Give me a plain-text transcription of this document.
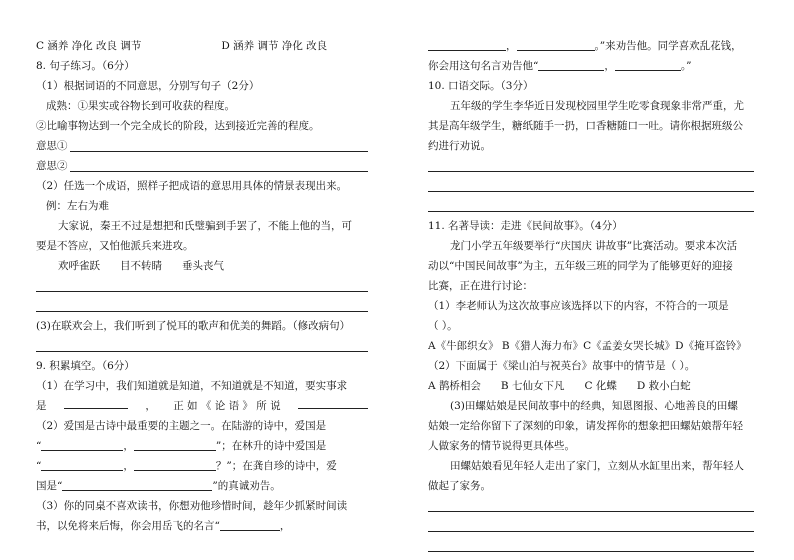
C 涵养 净化 改良 调节	D 涵养 调节 净化 改良
8. 句子练习。（6分）
（1）根据词语的不同意思，分别写句子（2分）
成熟：①果实或谷物长到可收获的程度。
②比喻事物达到一个完全成长的阶段，达到接近完善的程度。
意思①
意思②
（2）任选一个成语，照样子把成语的意思用具体的情景表现出来。
例：左右为难
大家说，秦王不过是想把和氏璧骗到手罢了，不能上他的当，可
要是不答应，又怕他派兵来进攻。
欢呼雀跃 目不转睛 垂头丧气
(3)在联欢会上，我们听到了悦耳的歌声和优美的舞蹈。（修改病句）
9. 积累填空。（6分）
（1）在学习中，我们知道就是知道，不知道就是不知道，要实事求
是	， 正 如 《 论 语 》 所 说
（2）爱国是古诗中最重要的主题之一。在陆游的诗中，爱国是
“	，	”；在林升的诗中爱国是
“	，	？”；在龚自珍的诗中，爱
国是“	”的真诚劝告。
（3）你的同桌不喜欢读书，你想劝他珍惜时间，趁年少抓紧时间读
书，以免将来后悔，你会用岳飞的名言“	，
，	。”来劝告他。同学喜欢乱花钱，
你会用这句名言劝告他“	，	。”
10. 口语交际。（3分）
五年级的学生李华近日发现校园里学生吃零食现象非常严重，尤
其是高年级学生，糖纸随手一扔，口香糖随口一吐。请你根据班级公
约进行劝说。
11. 名著导读：走进《民间故事》。（4分）
龙门小学五年级要举行“庆国庆 讲故事”比赛活动。要求本次活
动以“中国民间故事”为主，五年级三班的同学为了能够更好的迎接
比赛，正在进行讨论：
（1）李老师认为这次故事应该选择以下的内容，不符合的一项是
（ ）。
A《牛郎织女》 B《猎人海力布》C《孟姜女哭长城》D《掩耳盗铃》
（2）下面属于《梁山泊与祝英台》故事中的情节是（ ）。
A 鹊桥相会 B 七仙女下凡 C 化蝶 D 救小白蛇
(3)田螺姑娘是民间故事中的经典，知恩图报、心地善良的田螺
姑娘一定给你留下了深刻的印象，请发挥你的想象把田螺姑娘帮年轻
人做家务的情节说得更具体些。
田螺姑娘看见年轻人走出了家门，立刻从水缸里出来，帮年轻人
做起了家务。
